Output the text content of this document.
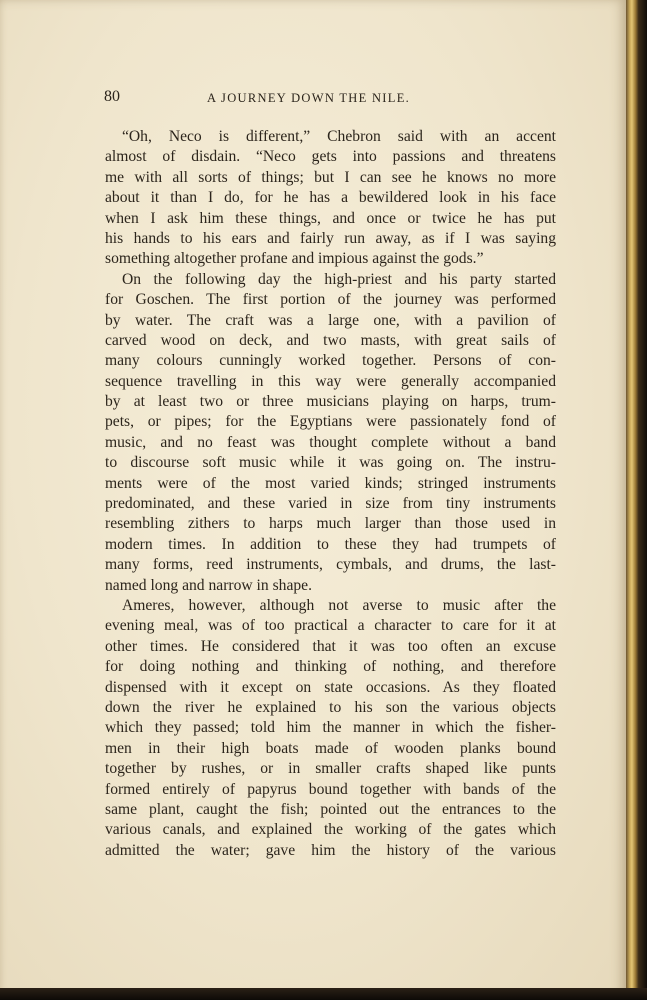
80	A JOURNEY DOWN THE NILE.
“Oh, Neco is different,” Chebron said with an accent
almost of disdain. “Neco gets into passions and threatens
me with all sorts of things; but I can see he knows no more
about it than I do, for he has a bewildered look in his face
when I ask him these things, and once or twice he has put
his hands to his ears and fairly run away, as if I was saying
something altogether profane and impious against the gods.”
On the following day the high-priest and his party started
for Goschen. The first portion of the journey was performed
by water. The craft was a large one, with a pavilion of
carved wood on deck, and two masts, with great sails of
many colours cunningly worked together. Persons of con-
sequence travelling in this way were generally accompanied
by at least two or three musicians playing on harps, trum-
pets, or pipes; for the Egyptians were passionately fond of
music, and no feast was thought complete without a band
to discourse soft music while it was going on. The instru-
ments were of the most varied kinds; stringed instruments
predominated, and these varied in size from tiny instruments
resembling zithers to harps much larger than those used in
modern times. In addition to these they had trumpets of
many forms, reed instruments, cymbals, and drums, the last-
named long and narrow in shape.
Ameres, however, although not averse to music after the
evening meal, was of too practical a character to care for it at
other times. He considered that it was too often an excuse
for doing nothing and thinking of nothing, and therefore
dispensed with it except on state occasions. As they floated
down the river he explained to his son the various objects
which they passed; told him the manner in which the fisher-
men in their high boats made of wooden planks bound
together by rushes, or in smaller crafts shaped like punts
formed entirely of papyrus bound together with bands of the
same plant, caught the fish; pointed out the entrances to the
various canals, and explained the working of the gates which
admitted the water; gave him the history of the various
